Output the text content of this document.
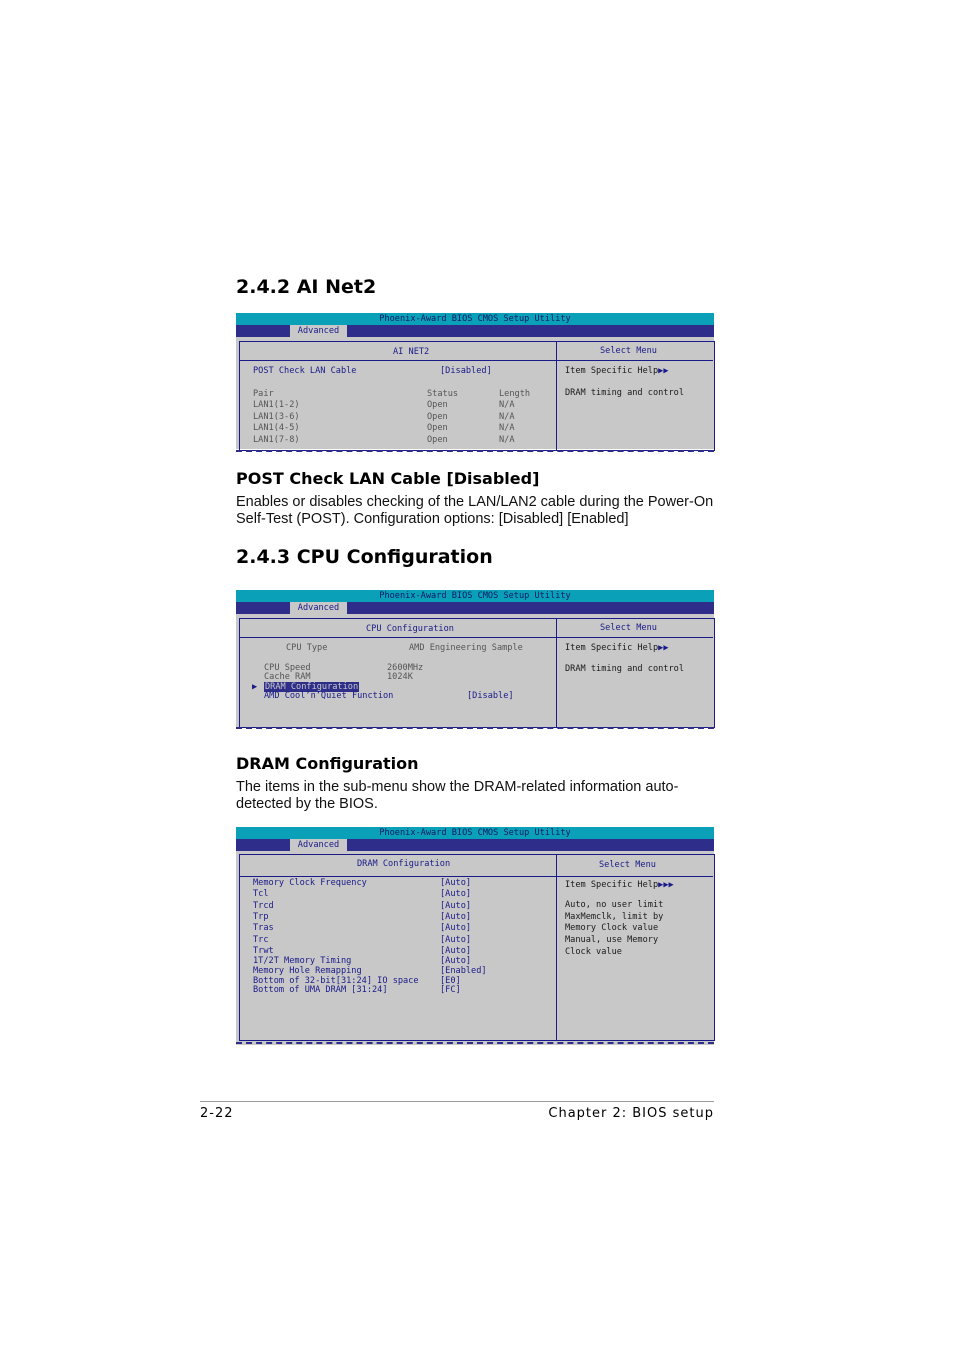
2.4.2 AI Net2
Phoenix-Award BIOS CMOS Setup Utility
Advanced
AI NET2	Select Menu
POST Check LAN Cable	[Disabled]
Pair	Status	Length
LAN1(1-2)	Open	N/A
LAN1(3-6)	Open	N/A
LAN1(4-5)	Open	N/A
LAN1(7-8)	Open	N/A
Item Specific Help▶▶
DRAM timing and control
POST Check LAN Cable [Disabled]
Enables or disables checking of the LAN/LAN2 cable during the Power-On
Self-Test (POST). Configuration options: [Disabled] [Enabled]
2.4.3 CPU Configuration
Phoenix-Award BIOS CMOS Setup Utility
Advanced
CPU Configuration	Select Menu
CPU Type	AMD Engineering Sample
CPU Speed	2600MHz
Cache RAM	1024K
▶ DRAM Configuration
AMD Cool’n’Quiet Function	[Disable]
Item Specific Help▶▶
DRAM timing and control
DRAM Configuration
The items in the sub-menu show the DRAM-related information auto-
detected by the BIOS.
Phoenix-Award BIOS CMOS Setup Utility
Advanced
DRAM Configuration	Select Menu
Memory Clock Frequency	[Auto]
Tcl	[Auto]
Trcd	[Auto]
Trp	[Auto]
Tras	[Auto]
Trc	[Auto]
Trwt	[Auto]
1T/2T Memory Timing	[Auto]
Memory Hole Remapping	[Enabled]
Bottom of 32-bit[31:24] IO space [E0]
Bottom of UMA DRAM [31:24]	[FC]
Item Specific Help▶▶▶
Auto, no user limit
MaxMemclk, limit by
Memory Clock value
Manual, use Memory
Clock value
2-22	Chapter 2: BIOS setup
